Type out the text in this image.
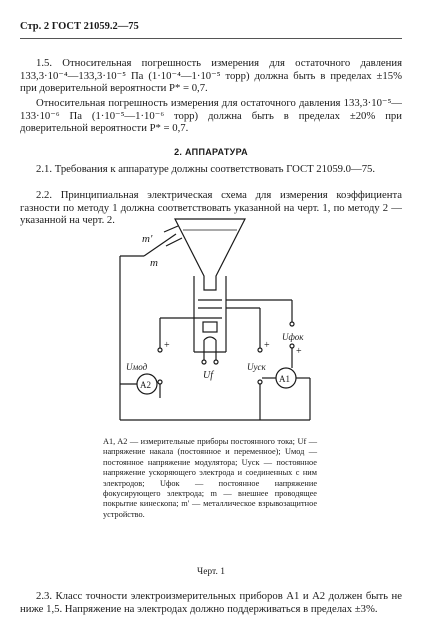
Стр. 2 ГОСТ 21059.2—75
1.5. Относительная погрешность измерения для остаточного давления 133,3·10⁻⁴—133,3·10⁻⁵ Па (1·10⁻⁴—1·10⁻⁵ торр) должна быть в пределах ±15% при доверительной вероятности P* = 0,7.
Относительная погрешность измерения для остаточного давления 133,3·10⁻⁵—133·10⁻⁶ Па (1·10⁻⁵—1·10⁻⁶ торр) должна быть в пределах ±20% при доверительной вероятности P* = 0,7.
2. АППАРАТУРА
2.1. Требования к аппаратуре должны соответствовать ГОСТ 21059.0—75.
2.2. Принципиальная электрическая схема для измерения коэффициента газности по методу 1 должна соответствовать указанной на черт. 1, по методу 2 — указанной на черт. 2.
m'
m
Uf
Uмод	Uуск
Uфок
A2
A1
+	+
+
A1, A2 — измерительные приборы постоянного тока; Uf — напряжение накала (постоянное и переменное); Uмод — постоянное напряжение модулятора; Uуск — постоянное напряжение ускоряющего электрода и соединенных с ним электродов; Uфок — постоянное напряжение фокусирующего электрода; m — внешнее проводящее покрытие кинескопа; m' — металлическое взрывозащитное устройство.
Черт. 1
2.3. Класс точности электроизмерительных приборов A1 и A2 должен быть не ниже 1,5. Напряжение на электродах должно поддерживаться в пределах ±3%.
